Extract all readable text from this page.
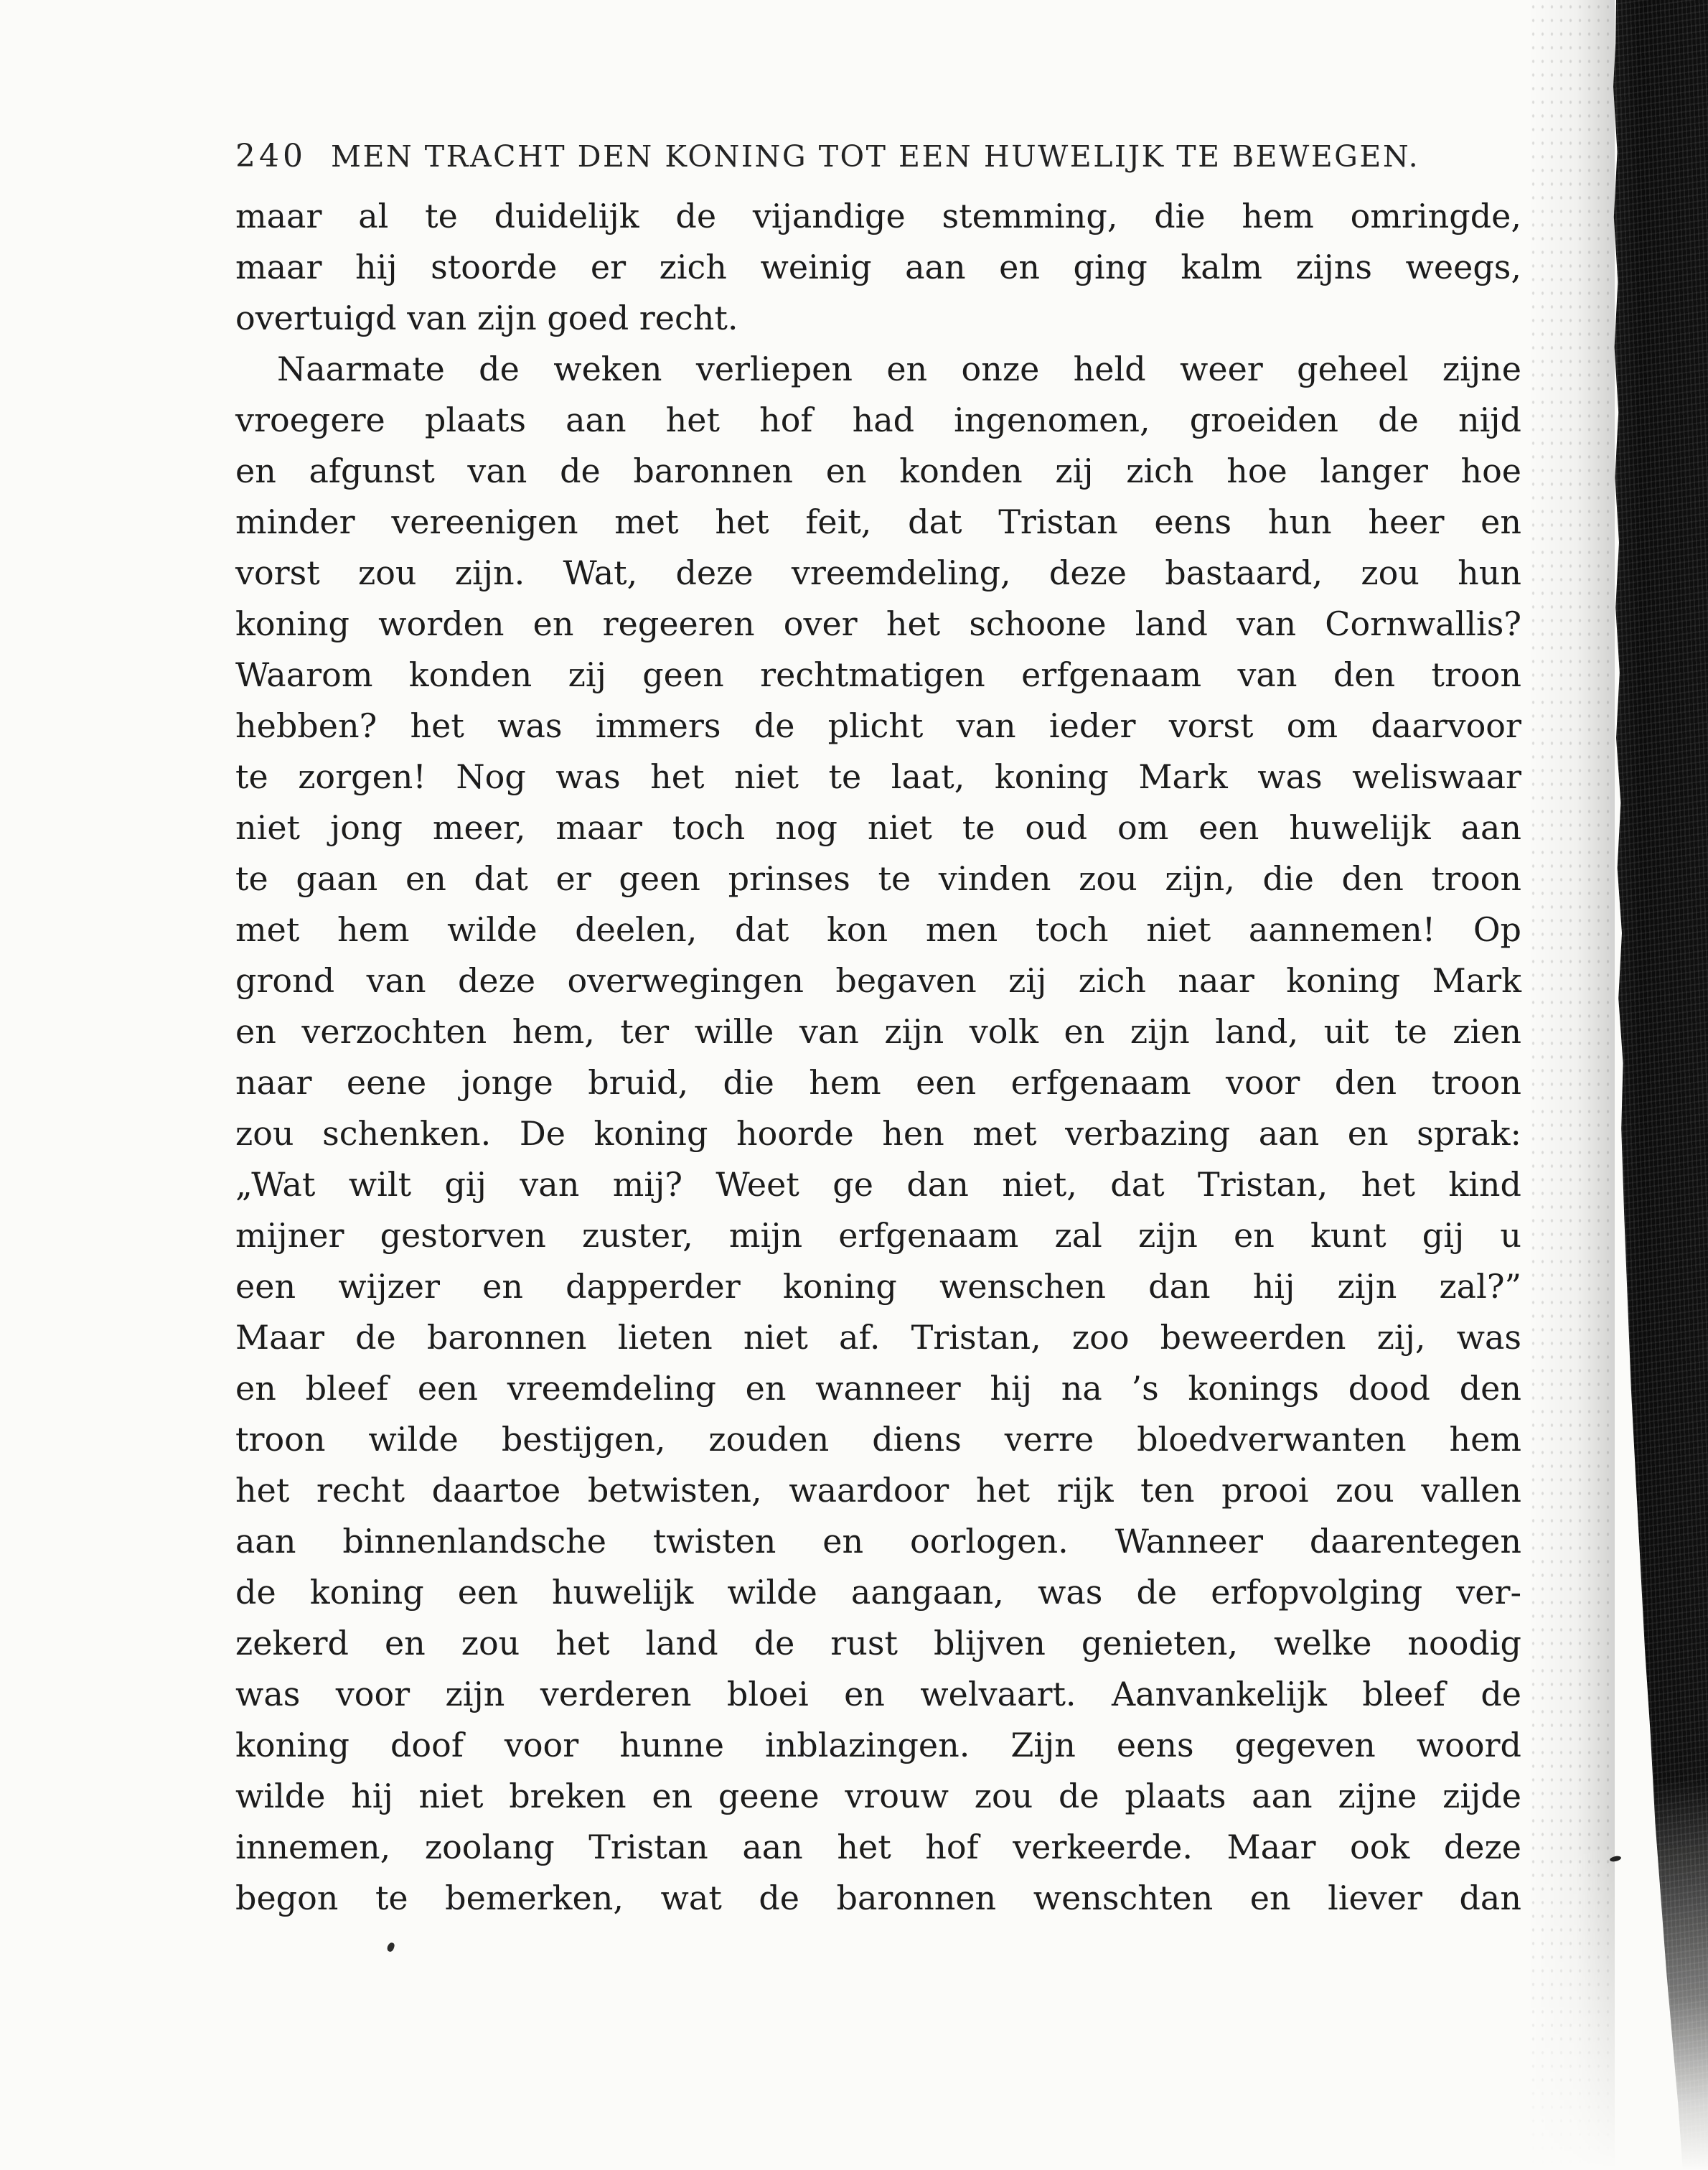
240 MEN TRACHT DEN KONING TOT EEN HUWELIJK TE BEWEGEN.
maar al te duidelijk de vijandige stemming, die hem omringde,
maar hij stoorde er zich weinig aan en ging kalm zijns weegs,
overtuigd van zijn goed recht.
Naarmate de weken verliepen en onze held weer geheel zijne
vroegere plaats aan het hof had ingenomen, groeiden de nijd
en afgunst van de baronnen en konden zij zich hoe langer hoe
minder vereenigen met het feit, dat Tristan eens hun heer en
vorst zou zijn. Wat, deze vreemdeling, deze bastaard, zou hun
koning worden en regeeren over het schoone land van Cornwallis?
Waarom konden zij geen rechtmatigen erfgenaam van den troon
hebben? het was immers de plicht van ieder vorst om daarvoor
te zorgen! Nog was het niet te laat, koning Mark was weliswaar
niet jong meer, maar toch nog niet te oud om een huwelijk aan
te gaan en dat er geen prinses te vinden zou zijn, die den troon
met hem wilde deelen, dat kon men toch niet aannemen! Op
grond van deze overwegingen begaven zij zich naar koning Mark
en verzochten hem, ter wille van zijn volk en zijn land, uit te zien
naar eene jonge bruid, die hem een erfgenaam voor den troon
zou schenken. De koning hoorde hen met verbazing aan en sprak:
„Wat wilt gij van mij? Weet ge dan niet, dat Tristan, het kind
mijner gestorven zuster, mijn erfgenaam zal zijn en kunt gij u
een wijzer en dapperder koning wenschen dan hij zijn zal?”
Maar de baronnen lieten niet af. Tristan, zoo beweerden zij, was
en bleef een vreemdeling en wanneer hij na ’s konings dood den
troon wilde bestijgen, zouden diens verre bloedverwanten hem
het recht daartoe betwisten, waardoor het rijk ten prooi zou vallen
aan binnenlandsche twisten en oorlogen. Wanneer daarentegen
de koning een huwelijk wilde aangaan, was de erfopvolging ver-
zekerd en zou het land de rust blijven genieten, welke noodig
was voor zijn verderen bloei en welvaart. Aanvankelijk bleef de
koning doof voor hunne inblazingen. Zijn eens gegeven woord
wilde hij niet breken en geene vrouw zou de plaats aan zijne zijde
innemen, zoolang Tristan aan het hof verkeerde. Maar ook deze
begon te bemerken, wat de baronnen wenschten en liever dan
